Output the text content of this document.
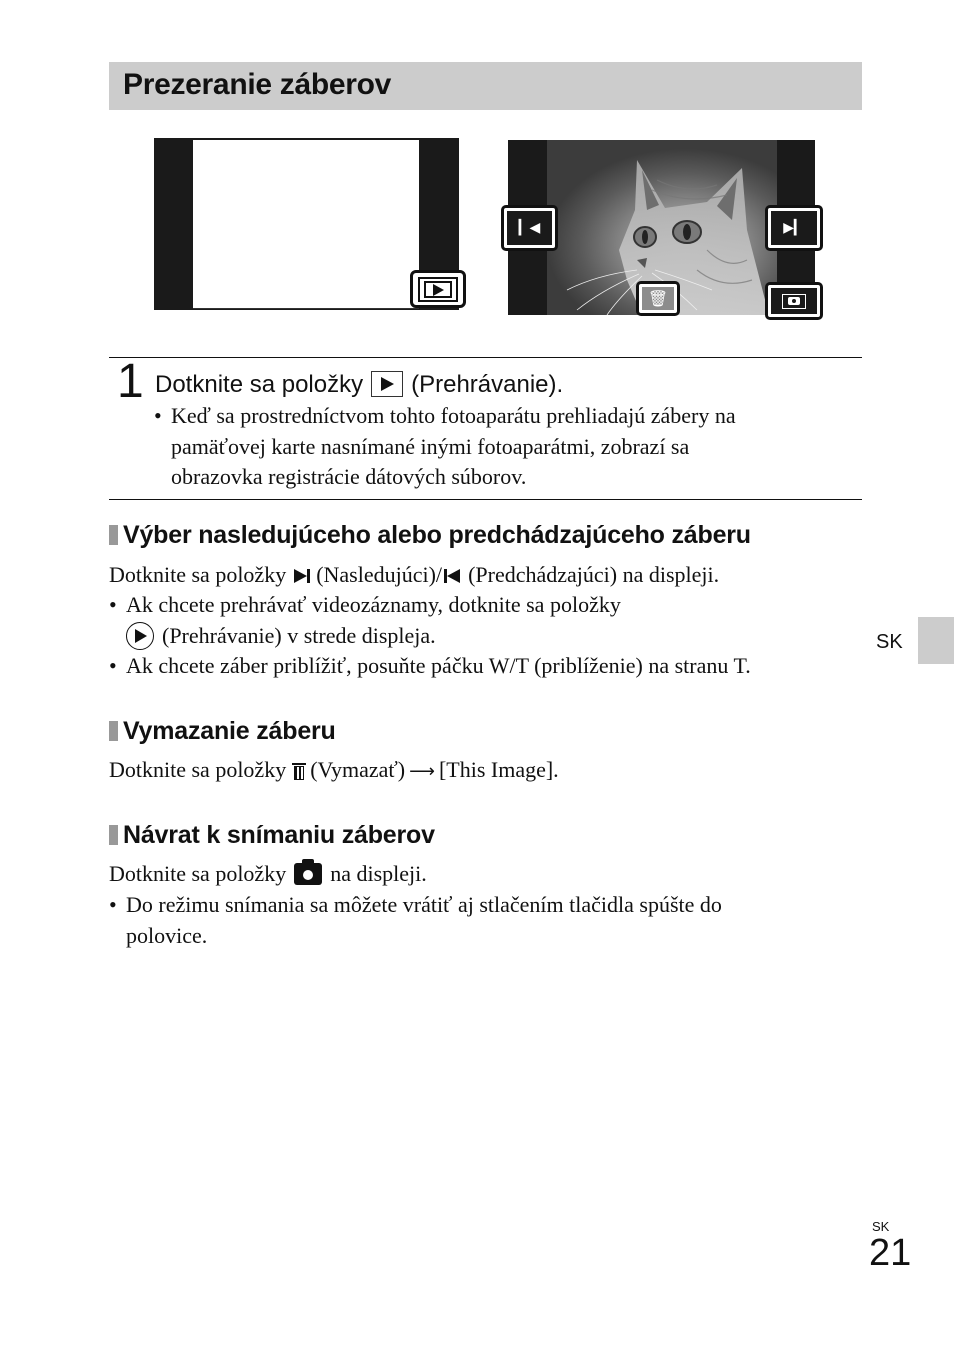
Prezeranie záberov
▎◀	▶▎
🗑
1 Dotknite sa položky (Prehrávanie).
• Keď sa prostredníctvom tohto fotoaparátu prehliadajú zábery na
pamäťovej karte nasnímané inými fotoaparátmi, zobrazí sa
obrazovka registrácie dátových súborov.
Výber nasledujúceho alebo predchádzajúceho záberu
Dotknite sa položky (Nasledujúci)/ (Predchádzajúci) na displeji.
• Ak chcete prehrávať videozáznamy, dotknite sa položky
(Prehrávanie) v strede displeja.
• Ak chcete záber priblížiť, posuňte páčku W/T (priblíženie) na stranu T.
Vymazanie záberu
Dotknite sa položky (Vymazať) ⟶ [This Image].
Návrat k snímaniu záberov
Dotknite sa položky na displeji.
• Do režimu snímania sa môžete vrátiť aj stlačením tlačidla spúšte do
polovice.
SK
SK
21
